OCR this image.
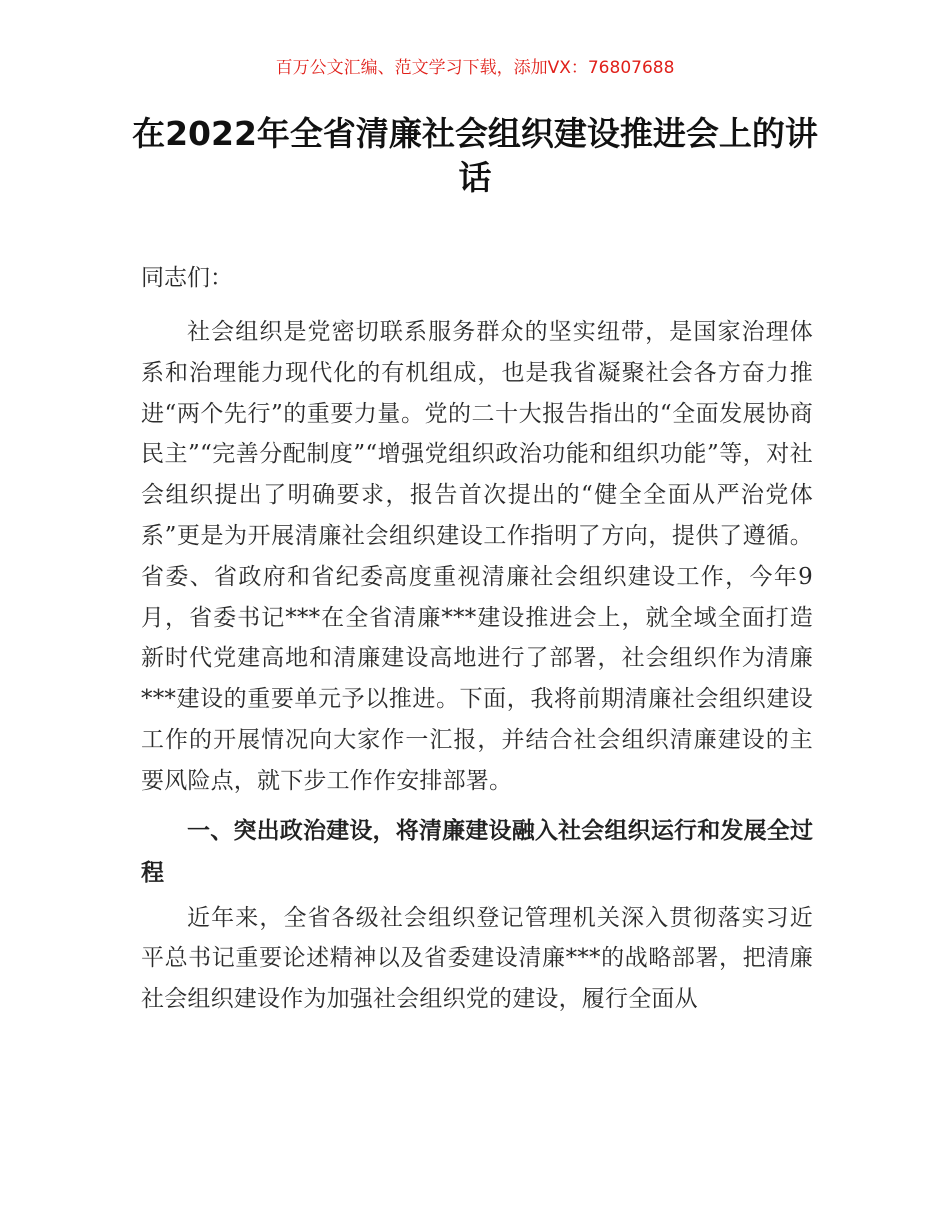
百万公文汇编、范文学习下载，添加VX：76807688
在2022年全省清廉社会组织建设推进会上的讲话

同志们：

社会组织是党密切联系服务群众的坚实纽带，是国家治理体系和治理能力现代化的有机组成，也是我省凝聚社会各方奋力推进“两个先行”的重要力量。党的二十大报告指出的“全面发展协商民主”“完善分配制度”“增强党组织政治功能和组织功能”等，对社会组织提出了明确要求，报告首次提出的“健全全面从严治党体系”更是为开展清廉社会组织建设工作指明了方向，提供了遵循。省委、省政府和省纪委高度重视清廉社会组织建设工作，今年9月，省委书记***在全省清廉***建设推进会上，就全域全面打造新时代党建高地和清廉建设高地进行了部署，社会组织作为清廉***建设的重要单元予以推进。下面，我将前期清廉社会组织建设工作的开展情况向大家作一汇报，并结合社会组织清廉建设的主要风险点，就下步工作作安排部署。

一、突出政治建设，将清廉建设融入社会组织运行和发展全过程

近年来，全省各级社会组织登记管理机关深入贯彻落实习近平总书记重要论述精神以及省委建设清廉***的战略部署，把清廉社会组织建设作为加强社会组织党的建设，履行全面从
